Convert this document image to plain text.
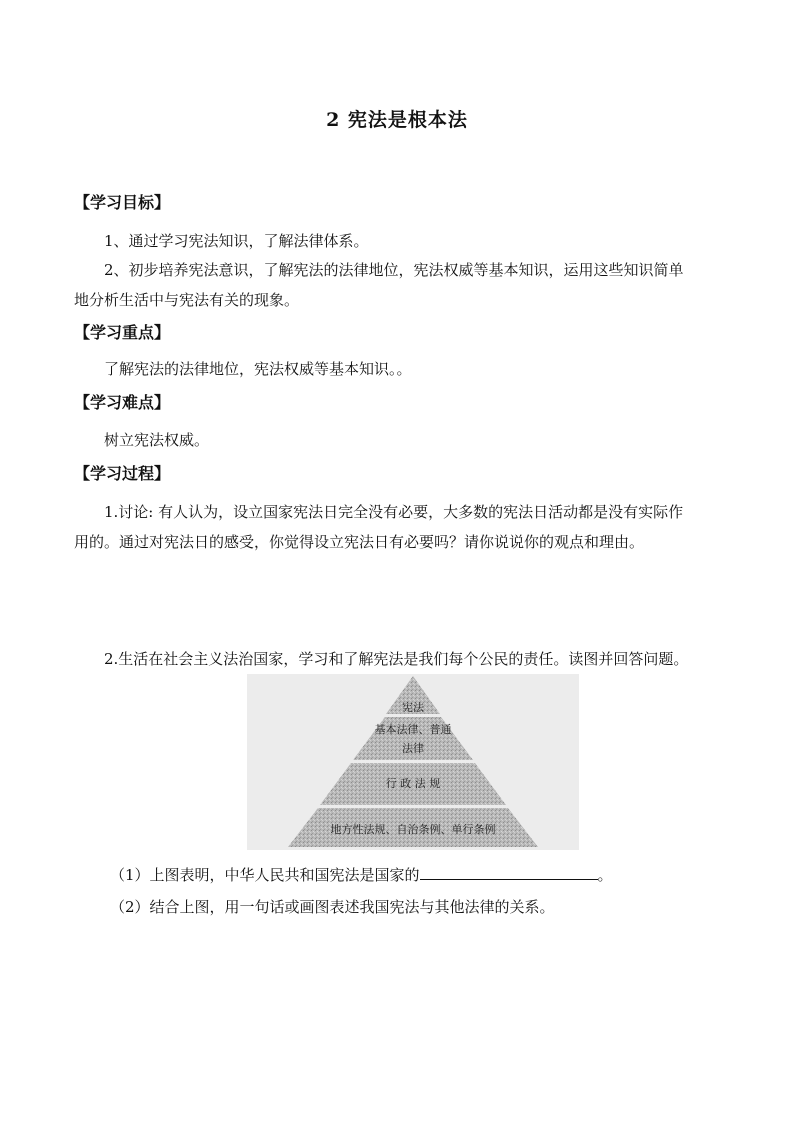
2 宪法是根本法
【学习目标】
1、通过学习宪法知识，了解法律体系。
2、初步培养宪法意识，了解宪法的法律地位，宪法权威等基本知识，运用这些知识简单
地分析生活中与宪法有关的现象。
【学习重点】
了解宪法的法律地位，宪法权威等基本知识。。
【学习难点】
树立宪法权威。
【学习过程】
1.讨论: 有人认为，设立国家宪法日完全没有必要，大多数的宪法日活动都是没有实际作
用的。通过对宪法日的感受，你觉得设立宪法日有必要吗？请你说说你的观点和理由。
2.生活在社会主义法治国家，学习和了解宪法是我们每个公民的责任。读图并回答问题。
宪法
基本法律、普通
法律
行 政 法 规
地方性法规、自治条例、单行条例
（1）上图表明，中华人民共和国宪法是国家的	。
（2）结合上图，用一句话或画图表述我国宪法与其他法律的关系。
